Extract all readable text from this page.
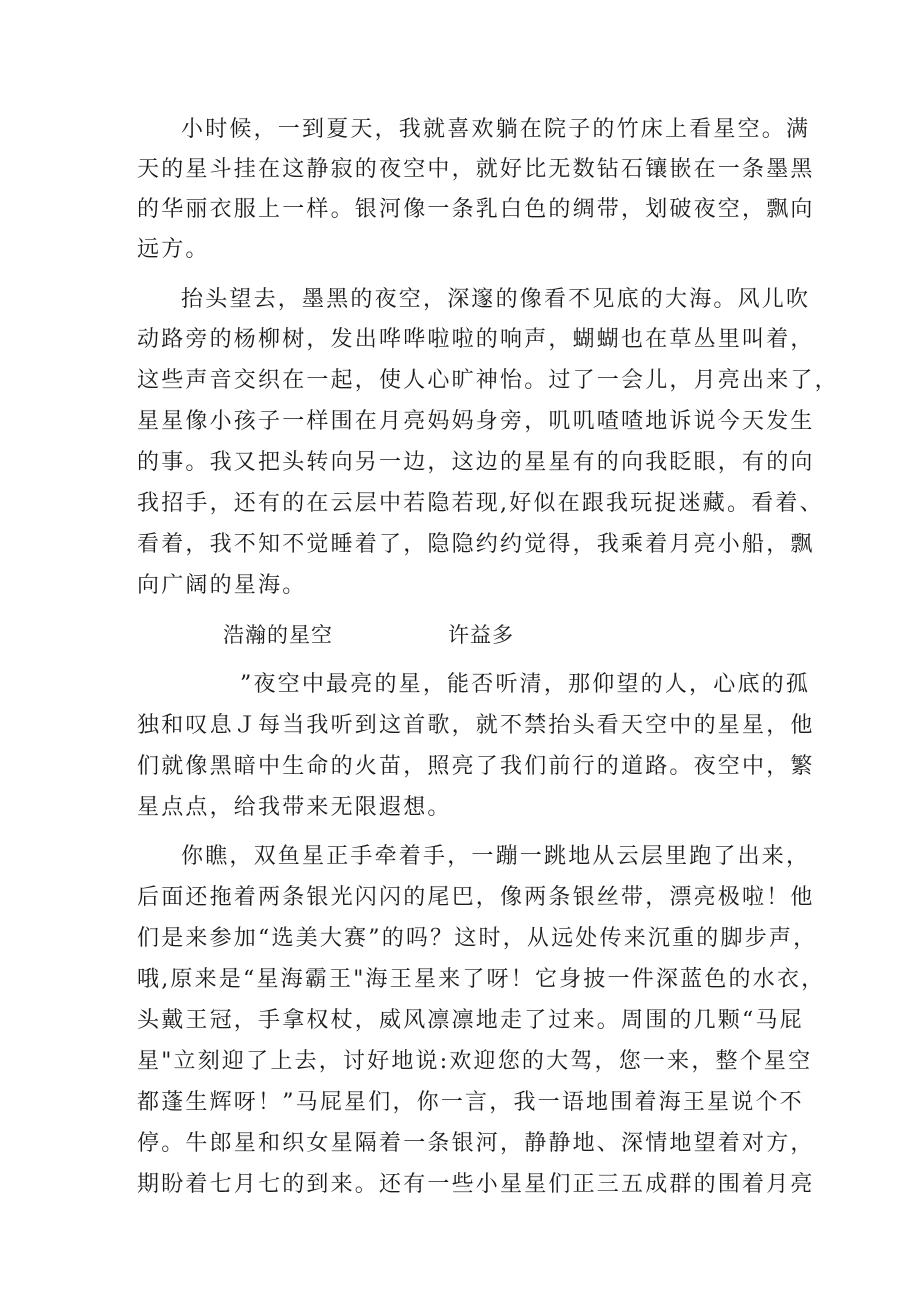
小时候，一到夏天，我就喜欢躺在院子的竹床上看星空。满
天的星斗挂在这静寂的夜空中，就好比无数钻石镶嵌在一条墨黑
的华丽衣服上一样。银河像一条乳白色的绸带，划破夜空，飘向
远方。
抬头望去，墨黑的夜空，深邃的像看不见底的大海。风儿吹
动路旁的杨柳树，发出哗哗啦啦的响声，蝴蝴也在草丛里叫着，
这些声音交织在一起，使人心旷神怡。过了一会儿，月亮出来了，
星星像小孩子一样围在月亮妈妈身旁，叽叽喳喳地诉说今天发生
的事。我又把头转向另一边，这边的星星有的向我眨眼，有的向
我招手，还有的在云层中若隐若现,好似在跟我玩捉迷藏。看着、
看着，我不知不觉睡着了，隐隐约约觉得，我乘着月亮小船，飘
向广阔的星海。
浩瀚的星空	许益多
”夜空中最亮的星，能否听清，那仰望的人，心底的孤
独和叹息Ｊ每当我听到这首歌，就不禁抬头看天空中的星星，他
们就像黑暗中生命的火苗，照亮了我们前行的道路。夜空中，繁
星点点，给我带来无限遐想。
你瞧，双鱼星正手牵着手，一蹦一跳地从云层里跑了出来，
后面还拖着两条银光闪闪的尾巴，像两条银丝带，漂亮极啦！他
们是来参加“选美大赛”的吗？这时，从远处传来沉重的脚步声，
哦,原来是“星海霸王"海王星来了呀！它身披一件深蓝色的水衣，
头戴王冠，手拿权杖，威风凛凛地走了过来。周围的几颗“马屁
星"立刻迎了上去，讨好地说:欢迎您的大驾，您一来，整个星空
都蓬生辉呀！”马屁星们，你一言，我一语地围着海王星说个不
停。牛郎星和织女星隔着一条银河，静静地、深情地望着对方，
期盼着七月七的到来。还有一些小星星们正三五成群的围着月亮
